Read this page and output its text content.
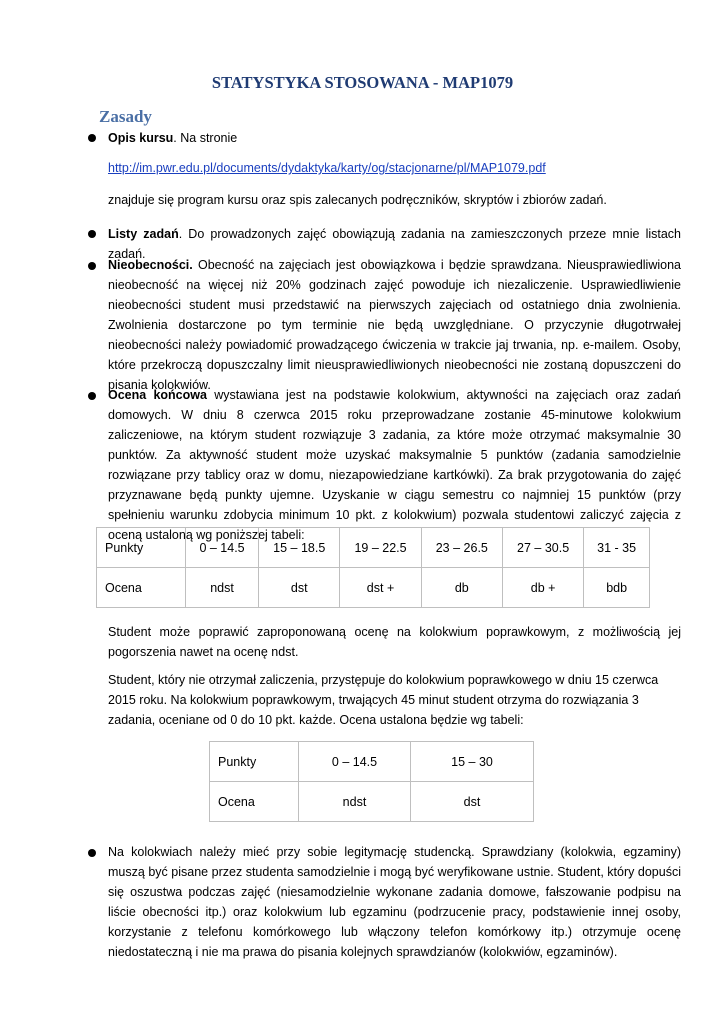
STATYSTYKA STOSOWANA - MAP1079
Zasady

Opis kursu. Na stronie

http://im.pwr.edu.pl/documents/dydaktyka/karty/og/stacjonarne/pl/MAP1079.pdf

znajduje się program kursu oraz spis zalecanych podręczników, skryptów i zbiorów zadań.

Listy zadań. Do prowadzonych zajęć obowiązują zadania na zamieszczonych przeze mnie listach zadań.

Nieobecności. Obecność na zajęciach jest obowiązkowa i będzie sprawdzana. Nieusprawiedliwiona nieobecność na więcej niż 20% godzinach zajęć powoduje ich niezaliczenie. Usprawiedliwienie nieobecności student musi przedstawić na pierwszych zajęciach od ostatniego dnia zwolnienia. Zwolnienia dostarczone po tym terminie nie będą uwzględniane. O przyczynie długotrwałej nieobecności należy powiadomić prowadzącego ćwiczenia w trakcie jaj trwania, np. e-mailem. Osoby, które przekroczą dopuszczalny limit nieusprawiedliwionych nieobecności nie zostaną dopuszczeni do pisania kolokwiów.

Ocena końcowa wystawiana jest na podstawie kolokwium, aktywności na zajęciach oraz zadań domowych. W dniu 8 czerwca 2015 roku przeprowadzane zostanie 45-minutowe kolokwium zaliczeniowe, na którym student rozwiązuje 3 zadania, za które może otrzymać maksymalnie 30 punktów. Za aktywność student może uzyskać maksymalnie 5 punktów (zadania samodzielnie rozwiązane przy tablicy oraz w domu, niezapowiedziane kartkówki). Za brak przygotowania do zajęć przyznawane będą punkty ujemne. Uzyskanie w ciągu semestru co najmniej 15 punktów (przy spełnieniu warunku zdobycia minimum 10 pkt. z kolokwium) pozwala studentowi zaliczyć zajęcia z oceną ustaloną wg poniższej tabeli:

Punkty	0 – 14.5	15 – 18.5	19 – 22.5	23 – 26.5	27 – 30.5	31 - 35
Ocena	ndst	dst	dst +	db	db +	bdb

Student może poprawić zaproponowaną ocenę na kolokwium poprawkowym, z możliwością jej pogorszenia nawet na ocenę ndst.

Student, który nie otrzymał zaliczenia, przystępuje do kolokwium poprawkowego w dniu 15 czerwca 2015 roku. Na kolokwium poprawkowym, trwających 45 minut student otrzyma do rozwiązania 3 zadania, oceniane od 0 do 10 pkt. każde. Ocena ustalona będzie wg tabeli:

Punkty	0 – 14.5	15 – 30
Ocena	ndst	dst

Na kolokwiach należy mieć przy sobie legitymację studencką. Sprawdziany (kolokwia, egzaminy) muszą być pisane przez studenta samodzielnie i mogą być weryfikowane ustnie. Student, który dopuści się oszustwa podczas zajęć (niesamodzielnie wykonane zadania domowe, fałszowanie podpisu na liście obecności itp.) oraz kolokwium lub egzaminu (podrzucenie pracy, podstawienie innej osoby, korzystanie z telefonu komórkowego lub włączony telefon komórkowy itp.) otrzymuje ocenę niedostateczną i nie ma prawa do pisania kolejnych sprawdzianów (kolokwiów, egzaminów).
